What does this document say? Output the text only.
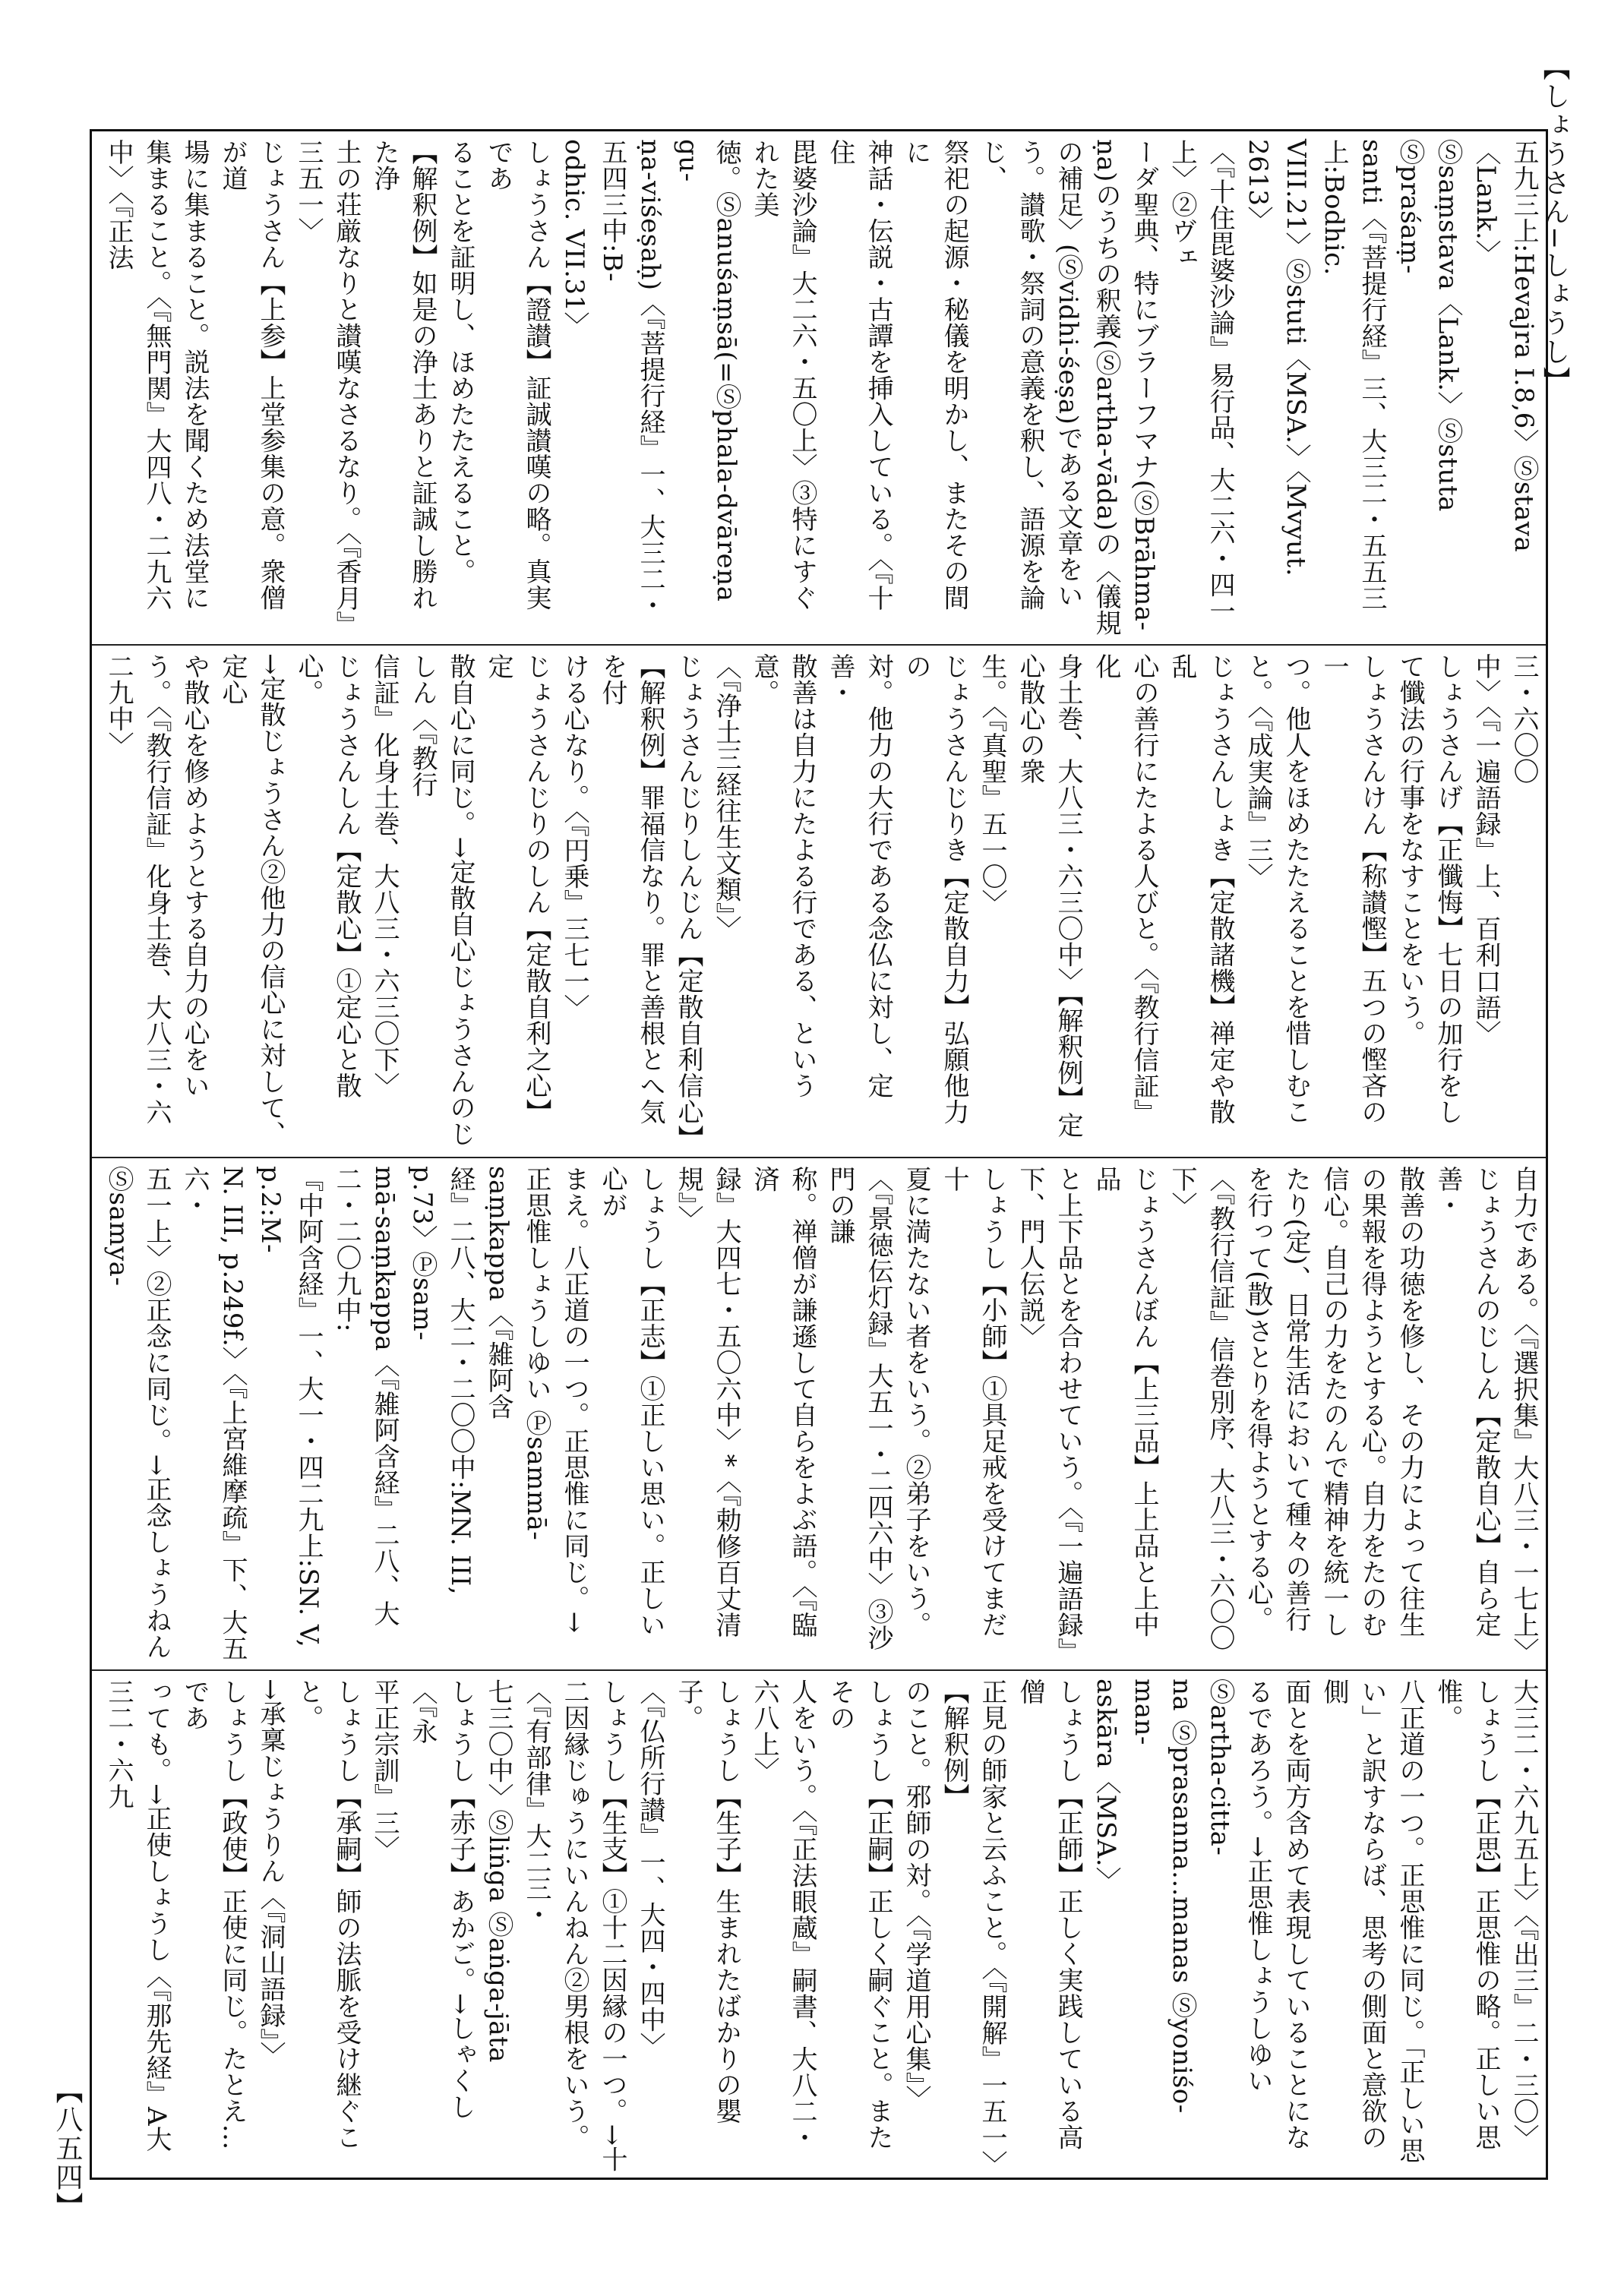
【しょうさん−しょうし】
【八五四】
五九三上:Hevajra I.8,6〉Ⓢstava〈Lank.〉
Ⓢsaṃstava〈Lank.〉Ⓢstuta Ⓢpraśaṃ-
santi〈『菩提行経』三、大三二・五五三上:Bodhic.
VIII.21〉Ⓢstuti〈MSA.〉〈Mvyut. 2613〉
〈『十住毘婆沙論』易行品、大二六・四一上〉②ヴェ
ーダ聖典、特にブラーフマナ(ⓈBrāhma-
ṇa)のうちの釈義(Ⓢartha-vāda)の〈儀規
の補足〉(Ⓢvidhi-śeṣa)である文章をい
う。讃歌・祭詞の意義を釈し、語源を論じ、
祭祀の起源・秘儀を明かし、またその間に
神話・伝説・古譚を挿入している。〈『十住
毘婆沙論』大二六・五〇上〉③特にすぐれた美
徳。Ⓢanuśaṃsā(=Ⓢphala-dvāreṇa gu-
ṇa-viśeṣaḥ)〈『菩提行経』一、大三二・五四三中:B-
odhic. VII.31〉
しょうさん【證讃】証誠讃嘆の略。真実であ
ることを証明し、ほめたたえること。
【解釈例】如是の浄土ありと証誠し勝れた浄
土の荘厳なりと讃嘆なさるなり。〈『香月』
三五一〉
じょうさん【上参】上堂参集の意。衆僧が道
場に集まること。説法を聞くため法堂に
集まること。〈『無門関』大四八・二九六中〉〈『正法
三・六〇〇
中〉〈『一遍語録』上、百利口語〉
しょうさんげ【正懺悔】七日の加行をし
て懺法の行事をなすことをいう。
しょうさんけん【称讃慳】五つの慳吝の一
つ。他人をほめたたえることを惜しむこ
と。〈『成実論』三〉
じょうさんしょき【定散諸機】禅定や散乱
心の善行にたよる人びと。〈『教行信証』化
身土巻、大八三・六三〇中〉【解釈例】定心散心の衆
生。〈『真聖』五一〇〉
じょうさんじりき【定散自力】弘願他力の
対。他力の大行である念仏に対し、定善・
散善は自力にたよる行である、という意。
〈『浄土三経往生文類』〉
じょうさんじりしんじん【定散自利信心】
【解釈例】罪福信なり。罪と善根とへ気を付
ける心なり。〈『円乗』三七一〉
じょうさんじりのしん【定散自利之心】定
散自心に同じ。→定散自心じょうさんのじしん〈『教行
信証』化身土巻、大八三・六三〇下〉
じょうさんしん【定散心】①定心と散心。
→定散じょうさん②他力の信心に対して、定心
や散心を修めようとする自力の心をい
う。〈『教行信証』化身土巻、大八三・六二九中〉
自力である。〈『選択集』大八三・一七上〉
じょうさんのじしん【定散自心】自ら定善・
散善の功徳を修し、その力によって往生
の果報を得ようとする心。自力をたのむ
信心。自己の力をたのんで精神を統一し
たり(定)、日常生活において種々の善行
を行って(散)さとりを得ようとする心。
〈『教行信証』信巻別序、大八三・六〇〇下〉
じょうさんぼん【上三品】上上品と上中品
と上下品とを合わせていう。〈『一遍語録』
下、門人伝説〉
しょうし【小師】①具足戒を受けてまだ十
夏に満たない者をいう。②弟子をいう。
〈『景徳伝灯録』大五一・二四六中〉③沙門の謙
称。禅僧が謙遜して自らをよぶ語。〈『臨済
録』大四七・五〇六中〉*〈『勅修百丈清規』〉
しょうし【正志】①正しい思い。正しい心が
まえ。八正道の一つ。正思惟に同じ。→
正思惟しょうしゆい Ⓟsammā-saṃkappa〈『雑阿含
経』二八、大二・二〇〇中:MN. III, p.73〉Ⓟsam-
mā-saṃkappa〈『雑阿含経』二八、大二・二〇九中:
『中阿含経』一、大一・四二九上:SN. V, p.2:M-
N. III, p.249f.〉〈『上宮維摩疏』下、大五六・
五一上〉②正念に同じ。→正念しょうねんⓈsamya-
大三二・六九五上〉〈『出三』二・三〇〉
しょうし【正思】正思惟の略。正しい思惟。
八正道の一つ。正思惟に同じ。「正しい思
い」と訳すならば、思考の側面と意欲の側
面とを両方含めて表現していることにな
るであろう。→正思惟しょうしゆい Ⓢartha-citta-
na Ⓢprasanna...manas Ⓢyoniśo-man-
askāra〈MSA.〉
しょうし【正師】正しく実践している高僧
正見の師家と云ふこと。〈『開解』一五一〉【解釈例】
のこと。邪師の対。〈『学道用心集』〉
しょうし【正嗣】正しく嗣ぐこと。またその
人をいう。〈『正法眼蔵』嗣書、大八二・六八上〉
しょうし【生子】生まれたばかりの嬰子。
〈『仏所行讃』一、大四・四中〉
しょうし【生支】①十二因縁の一つ。→十
二因縁じゅうにいんねん②男根をいう。〈『有部律』大二三・
七三〇中〉Ⓢliṅga Ⓢaṅga-jāta
しょうし【赤子】あかご。→しゃくし〈『永
平正宗訓』三〉
しょうし【承嗣】師の法脈を受け継ぐこと。
→承稟じょうりん〈『洞山語録』〉
しょうし【政使】正使に同じ。たとえ…であ
っても。→正使しょうし〈『那先経』A大三二・六九
